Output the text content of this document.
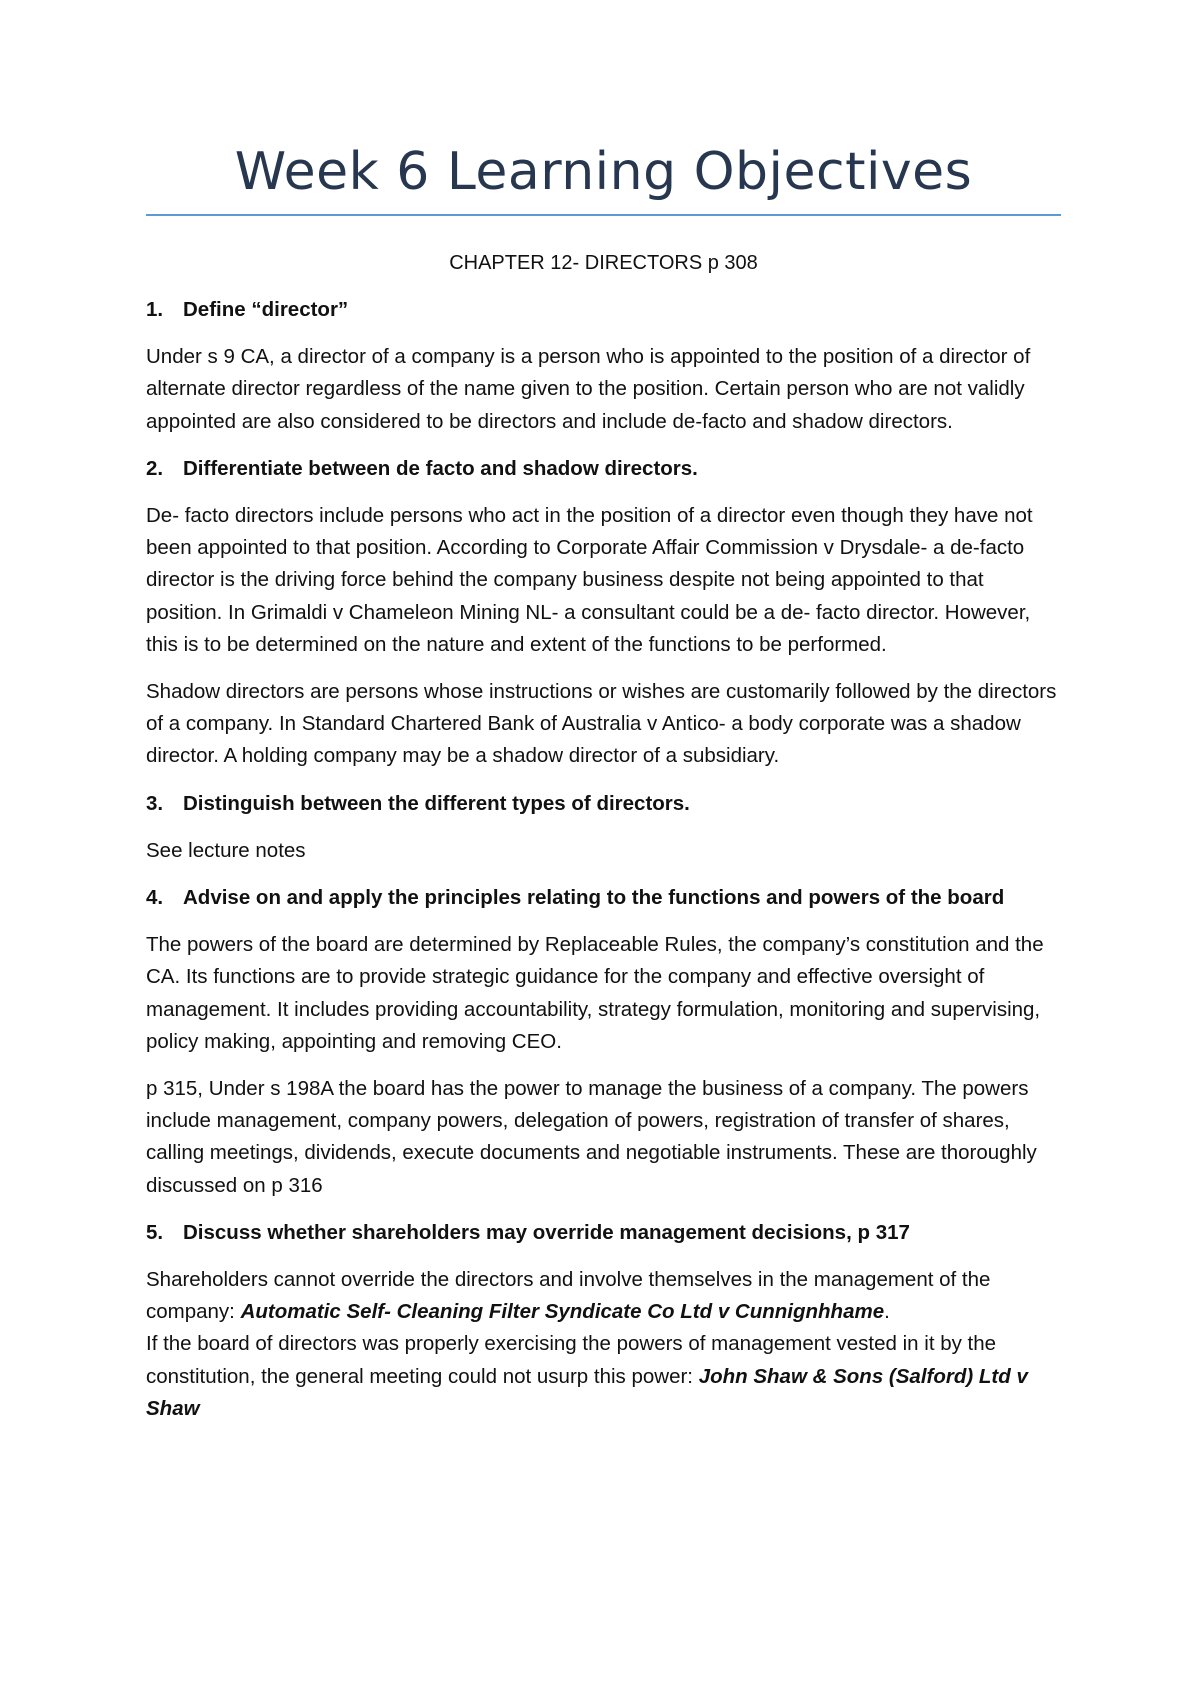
Week 6 Learning Objectives
CHAPTER 12- DIRECTORS p 308
1. Define “director”

Under s 9 CA, a director of a company is a person who is appointed to the position of a director of alternate director regardless of the name given to the position. Certain person who are not validly appointed are also considered to be directors and include de-facto and shadow directors.

2. Differentiate between de facto and shadow directors.

De- facto directors include persons who act in the position of a director even though they have not been appointed to that position. According to Corporate Affair Commission v Drysdale- a de-facto director is the driving force behind the company business despite not being appointed to that position. In Grimaldi v Chameleon Mining NL- a consultant could be a de- facto director. However, this is to be determined on the nature and extent of the functions to be performed.

Shadow directors are persons whose instructions or wishes are customarily followed by the directors of a company. In Standard Chartered Bank of Australia v Antico- a body corporate was a shadow director. A holding company may be a shadow director of a subsidiary.

3. Distinguish between the different types of directors.

See lecture notes

4. Advise on and apply the principles relating to the functions and powers of the board

The powers of the board are determined by Replaceable Rules, the company’s constitution and the CA. Its functions are to provide strategic guidance for the company and effective oversight of management. It includes providing accountability, strategy formulation, monitoring and supervising, policy making, appointing and removing CEO.

p 315, Under s 198A the board has the power to manage the business of a company. The powers include management, company powers, delegation of powers, registration of transfer of shares, calling meetings, dividends, execute documents and negotiable instruments. These are thoroughly discussed on p 316

5. Discuss whether shareholders may override management decisions, p 317

Shareholders cannot override the directors and involve themselves in the management of the company: Automatic Self- Cleaning Filter Syndicate Co Ltd v Cunnignhhame.

If the board of directors was properly exercising the powers of management vested in it by the constitution, the general meeting could not usurp this power: John Shaw & Sons (Salford) Ltd v Shaw
